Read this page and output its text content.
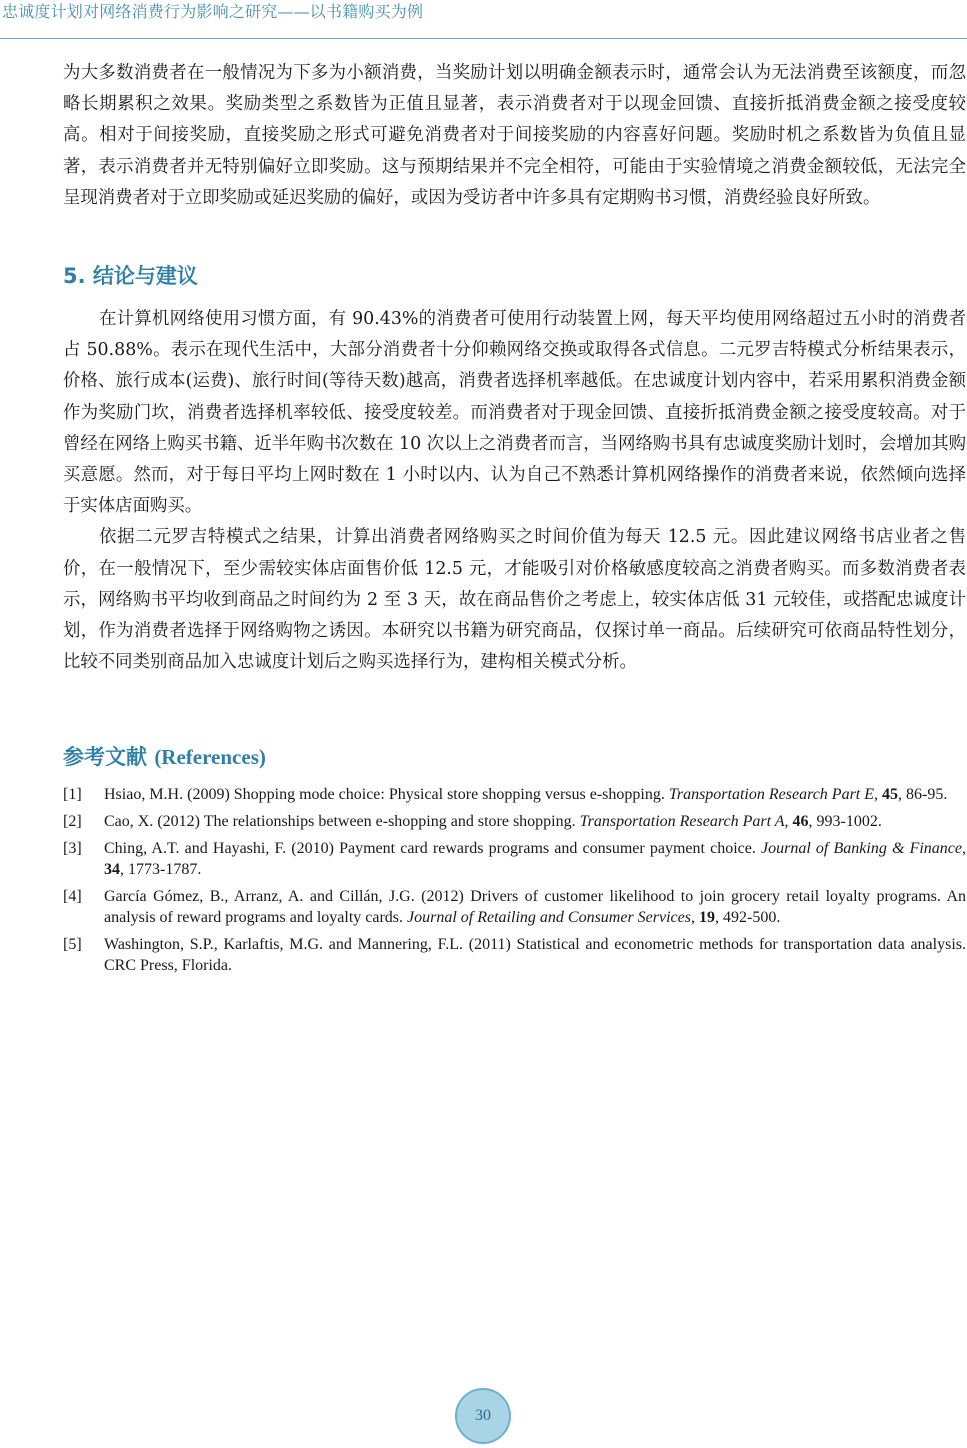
忠诚度计划对网络消费行为影响之研究——以书籍购买为例

为大多数消费者在一般情况为下多为小额消费，当奖励计划以明确金额表示时，通常会认为无法消费至该额度，而忽略长期累积之效果。奖励类型之系数皆为正值且显著，表示消费者对于以现金回馈、直接折抵消费金额之接受度较高。相对于间接奖励，直接奖励之形式可避免消费者对于间接奖励的内容喜好问题。奖励时机之系数皆为负值且显著，表示消费者并无特别偏好立即奖励。这与预期结果并不完全相符，可能由于实验情境之消费金额较低，无法完全呈现消费者对于立即奖励或延迟奖励的偏好，或因为受访者中许多具有定期购书习惯，消费经验良好所致。

5. 结论与建议

在计算机网络使用习惯方面，有 90.43%的消费者可使用行动装置上网，每天平均使用网络超过五小时的消费者占 50.88%。表示在现代生活中，大部分消费者十分仰赖网络交换或取得各式信息。二元罗吉特模式分析结果表示，价格、旅行成本(运费)、旅行时间(等待天数)越高，消费者选择机率越低。在忠诚度计划内容中，若采用累积消费金额作为奖励门坎，消费者选择机率较低、接受度较差。而消费者对于现金回馈、直接折抵消费金额之接受度较高。对于曾经在网络上购买书籍、近半年购书次数在 10 次以上之消费者而言，当网络购书具有忠诚度奖励计划时，会增加其购买意愿。然而，对于每日平均上网时数在 1 小时以内、认为自己不熟悉计算机网络操作的消费者来说，依然倾向选择于实体店面购买。

依据二元罗吉特模式之结果，计算出消费者网络购买之时间价值为每天 12.5 元。因此建议网络书店业者之售价，在一般情况下，至少需较实体店面售价低 12.5 元，才能吸引对价格敏感度较高之消费者购买。而多数消费者表示，网络购书平均收到商品之时间约为 2 至 3 天，故在商品售价之考虑上，较实体店低 31 元较佳，或搭配忠诚度计划，作为消费者选择于网络购物之诱因。本研究以书籍为研究商品，仅探讨单一商品。后续研究可依商品特性划分，比较不同类别商品加入忠诚度计划后之购买选择行为，建构相关模式分析。

参考文献 (References)
[1]	Hsiao, M.H. (2009) Shopping mode choice: Physical store shopping versus e-shopping. Transportation Research Part E, 45, 86-95.
[2]	Cao, X. (2012) The relationships between e-shopping and store shopping. Transportation Research Part A, 46, 993-1002.
[3]	Ching, A.T. and Hayashi, F. (2010) Payment card rewards programs and consumer payment choice. Journal of Banking & Finance, 34, 1773-1787.
[4]	García Gómez, B., Arranz, A. and Cillán, J.G. (2012) Drivers of customer likelihood to join grocery retail loyalty programs. An analysis of reward programs and loyalty cards. Journal of Retailing and Consumer Services, 19, 492-500.
[5]	Washington, S.P., Karlaftis, M.G. and Mannering, F.L. (2011) Statistical and econometric methods for transportation data analysis. CRC Press, Florida.
30
